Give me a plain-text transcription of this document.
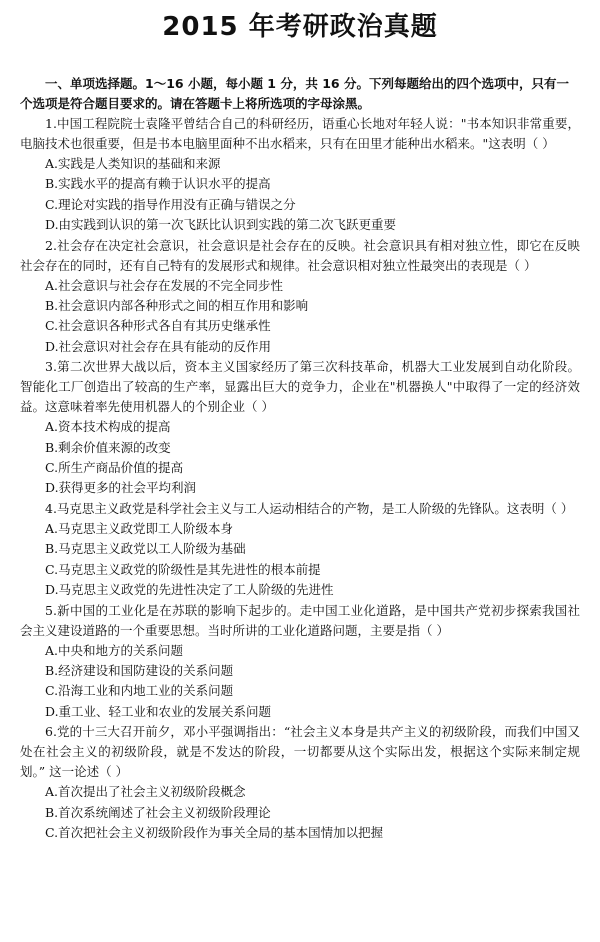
2015 年考研政治真题
一、单项选择题。1～16 小题，每小题 1 分，共 16 分。下列每题给出的四个选项中，只有一个选项是符合题目要求的。请在答题卡上将所选项的字母涂黑。
1.中国工程院院士袁隆平曾结合自己的科研经历，语重心长地对年轻人说："书本知识非常重要，电脑技术也很重要，但是书本电脑里面种不出水稻来，只有在田里才能种出水稻来。"这表明（ ）
A.实践是人类知识的基础和来源
B.实践水平的提高有赖于认识水平的提高
C.理论对实践的指导作用没有正确与错误之分
D.由实践到认识的第一次飞跃比认识到实践的第二次飞跃更重要
2.社会存在决定社会意识，社会意识是社会存在的反映。社会意识具有相对独立性，即它在反映社会存在的同时，还有自己特有的发展形式和规律。社会意识相对独立性最突出的表现是（ ）
A.社会意识与社会存在发展的不完全同步性
B.社会意识内部各种形式之间的相互作用和影响
C.社会意识各种形式各自有其历史继承性
D.社会意识对社会存在具有能动的反作用
3.第二次世界大战以后，资本主义国家经历了第三次科技革命，机器大工业发展到自动化阶段。智能化工厂创造出了较高的生产率，显露出巨大的竞争力，企业在"机器换人"中取得了一定的经济效益。这意味着率先使用机器人的个别企业（ ）
A.资本技术构成的提高
B.剩余价值来源的改变
C.所生产商品价值的提高
D.获得更多的社会平均利润
4.马克思主义政党是科学社会主义与工人运动相结合的产物，是工人阶级的先锋队。这表明（ ）
A.马克思主义政党即工人阶级本身
B.马克思主义政党以工人阶级为基础
C.马克思主义政党的阶级性是其先进性的根本前提
D.马克思主义政党的先进性决定了工人阶级的先进性
5.新中国的工业化是在苏联的影响下起步的。走中国工业化道路，是中国共产党初步探索我国社会主义建设道路的一个重要思想。当时所讲的工业化道路问题，主要是指（ ）
A.中央和地方的关系问题
B.经济建设和国防建设的关系问题
C.沿海工业和内地工业的关系问题
D.重工业、轻工业和农业的发展关系问题
6.党的十三大召开前夕，邓小平强调指出：“社会主义本身是共产主义的初级阶段，而我们中国又处在社会主义的初级阶段，就是不发达的阶段，一切都要从这个实际出发，根据这个实际来制定规划。” 这一论述（ ）
A.首次提出了社会主义初级阶段概念
B.首次系统阐述了社会主义初级阶段理论
C.首次把社会主义初级阶段作为事关全局的基本国情加以把握
